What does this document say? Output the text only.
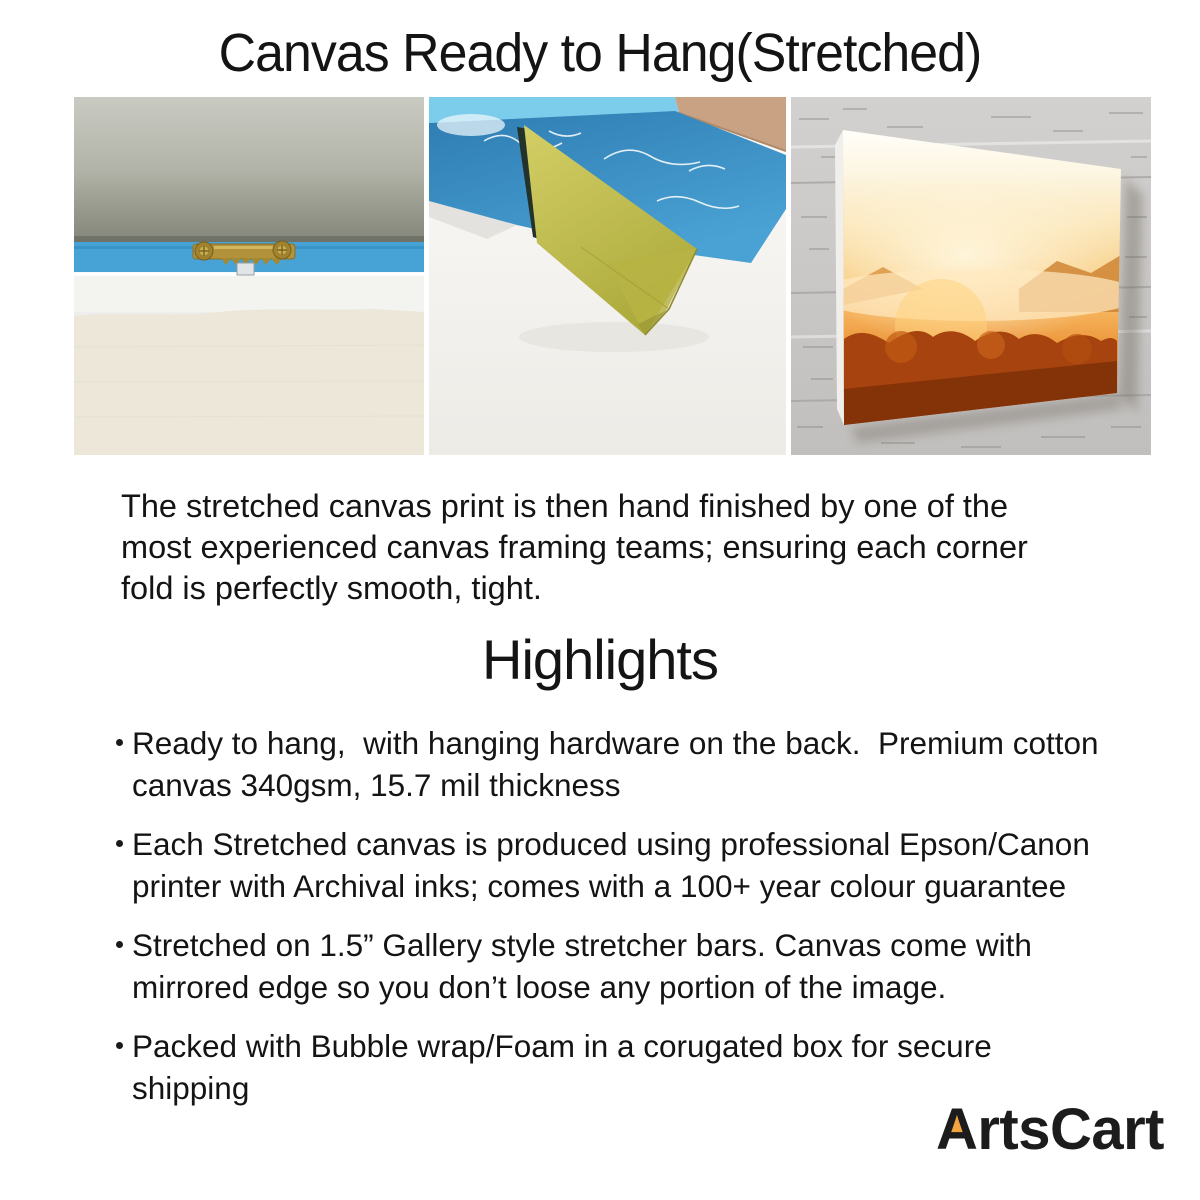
Canvas Ready to Hang(Stretched)

The stretched canvas print is then hand finished by one of the
most experienced canvas framing teams; ensuring each corner
fold is perfectly smooth, tight.

Highlights
Ready to hang,  with hanging hardware on the back.  Premium cotton
canvas 340gsm, 15.7 mil thickness
Each Stretched canvas is produced using professional Epson/Canon
printer with Archival inks; comes with a 100+ year colour guarantee
Stretched on 1.5” Gallery style stretcher bars. Canvas come with
mirrored edge so you don’t loose any portion of the image.
Packed with Bubble wrap/Foam in a corugated box for secure
shipping
ArtsCart
